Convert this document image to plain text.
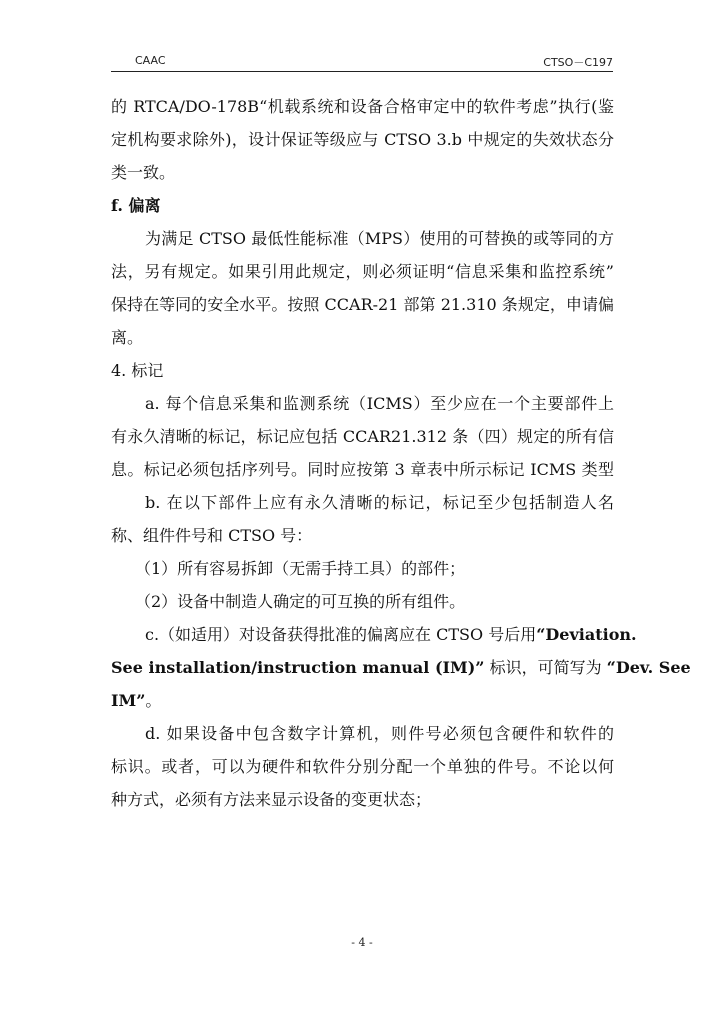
CAAC	CTSO－C197
的 RTCA/DO-178B“机载系统和设备合格审定中的软件考虑”执行(鉴
定机构要求除外)，设计保证等级应与 CTSO 3.b 中规定的失效状态分
类一致。
f. 偏离
为满足 CTSO 最低性能标准（MPS）使用的可替换的或等同的方
法，另有规定。如果引用此规定，则必须证明“信息采集和监控系统”
保持在等同的安全水平。按照 CCAR-21 部第 21.310 条规定，申请偏
离。
4. 标记
a. 每个信息采集和监测系统（ICMS）至少应在一个主要部件上
有永久清晰的标记，标记应包括 CCAR21.312 条（四）规定的所有信
息。标记必须包括序列号。同时应按第 3 章表中所示标记 ICMS 类型
b. 在以下部件上应有永久清晰的标记，标记至少包括制造人名
称、组件件号和 CTSO 号：
（1）所有容易拆卸（无需手持工具）的部件；
（2）设备中制造人确定的可互换的所有组件。
c.（如适用）对设备获得批准的偏离应在 CTSO 号后用“Deviation.
See installation/instruction manual (IM)” 标识，可简写为 “Dev. See
IM”。
d. 如果设备中包含数字计算机，则件号必须包含硬件和软件的
标识。或者，可以为硬件和软件分别分配一个单独的件号。不论以何
种方式，必须有方法来显示设备的变更状态；
- 4 -
